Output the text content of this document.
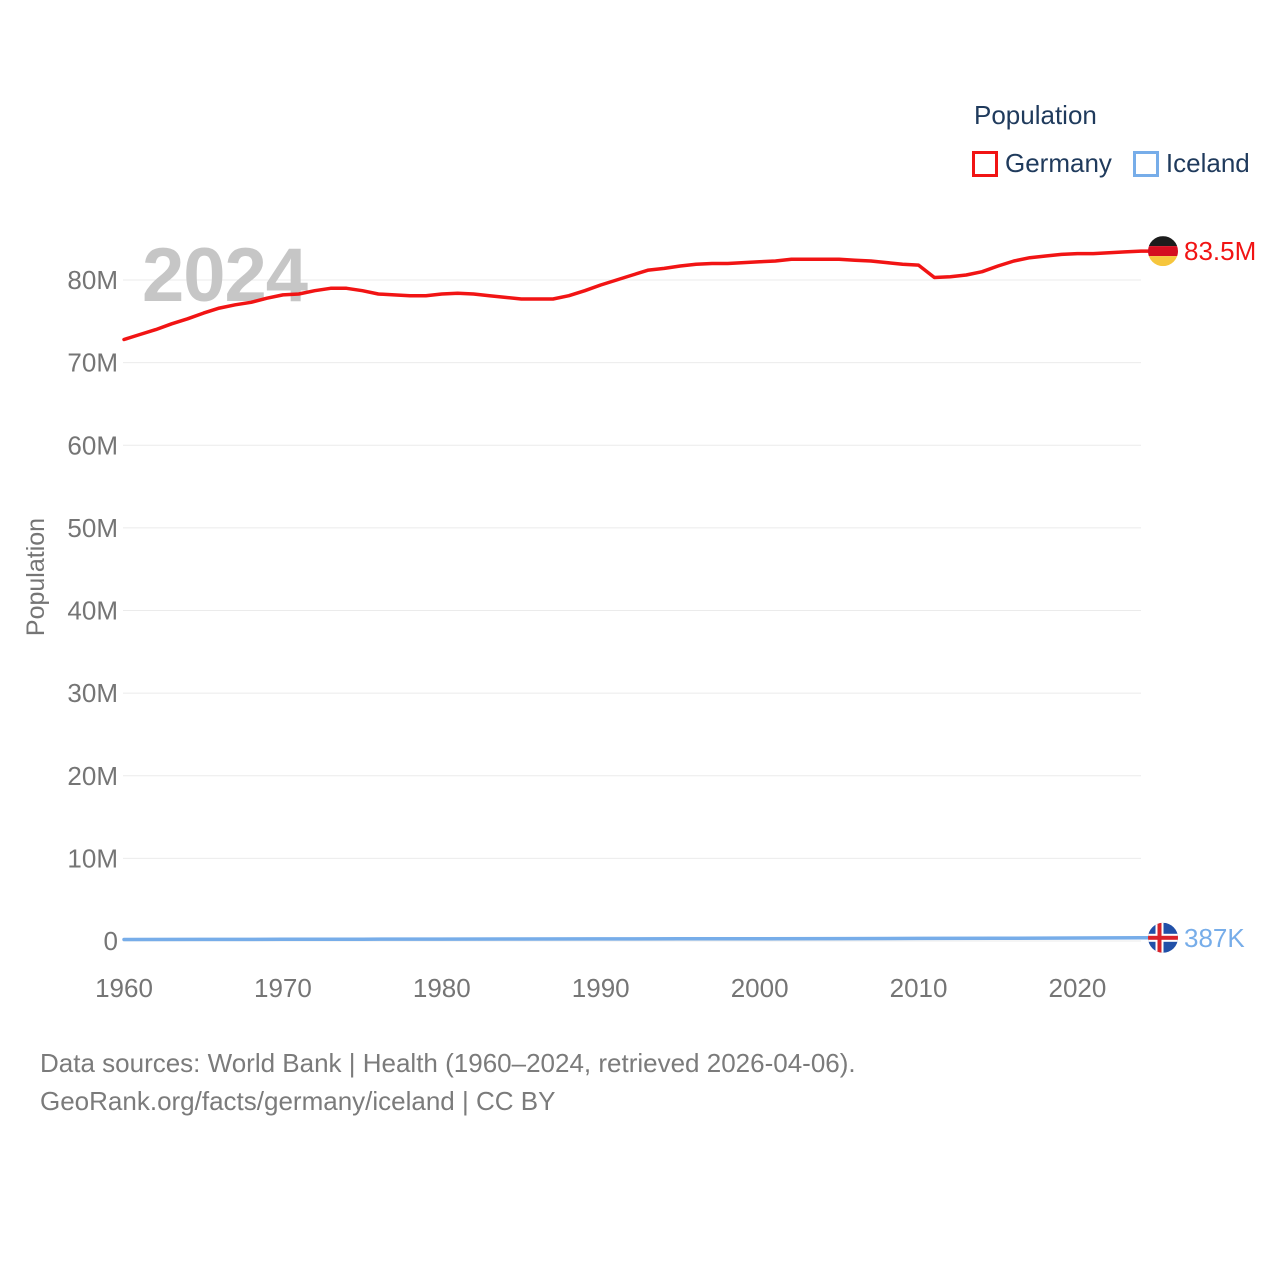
Population
Germany Iceland
2024
0
10M
20M
30M
40M
50M
60M
70M
80M
1960	1970	1980	1990	2000	2010	2020
Population
83.5M
387K
Data sources: World Bank | Health (1960–2024, retrieved 2026-04-06).
GeoRank.org/facts/germany/iceland | CC BY
